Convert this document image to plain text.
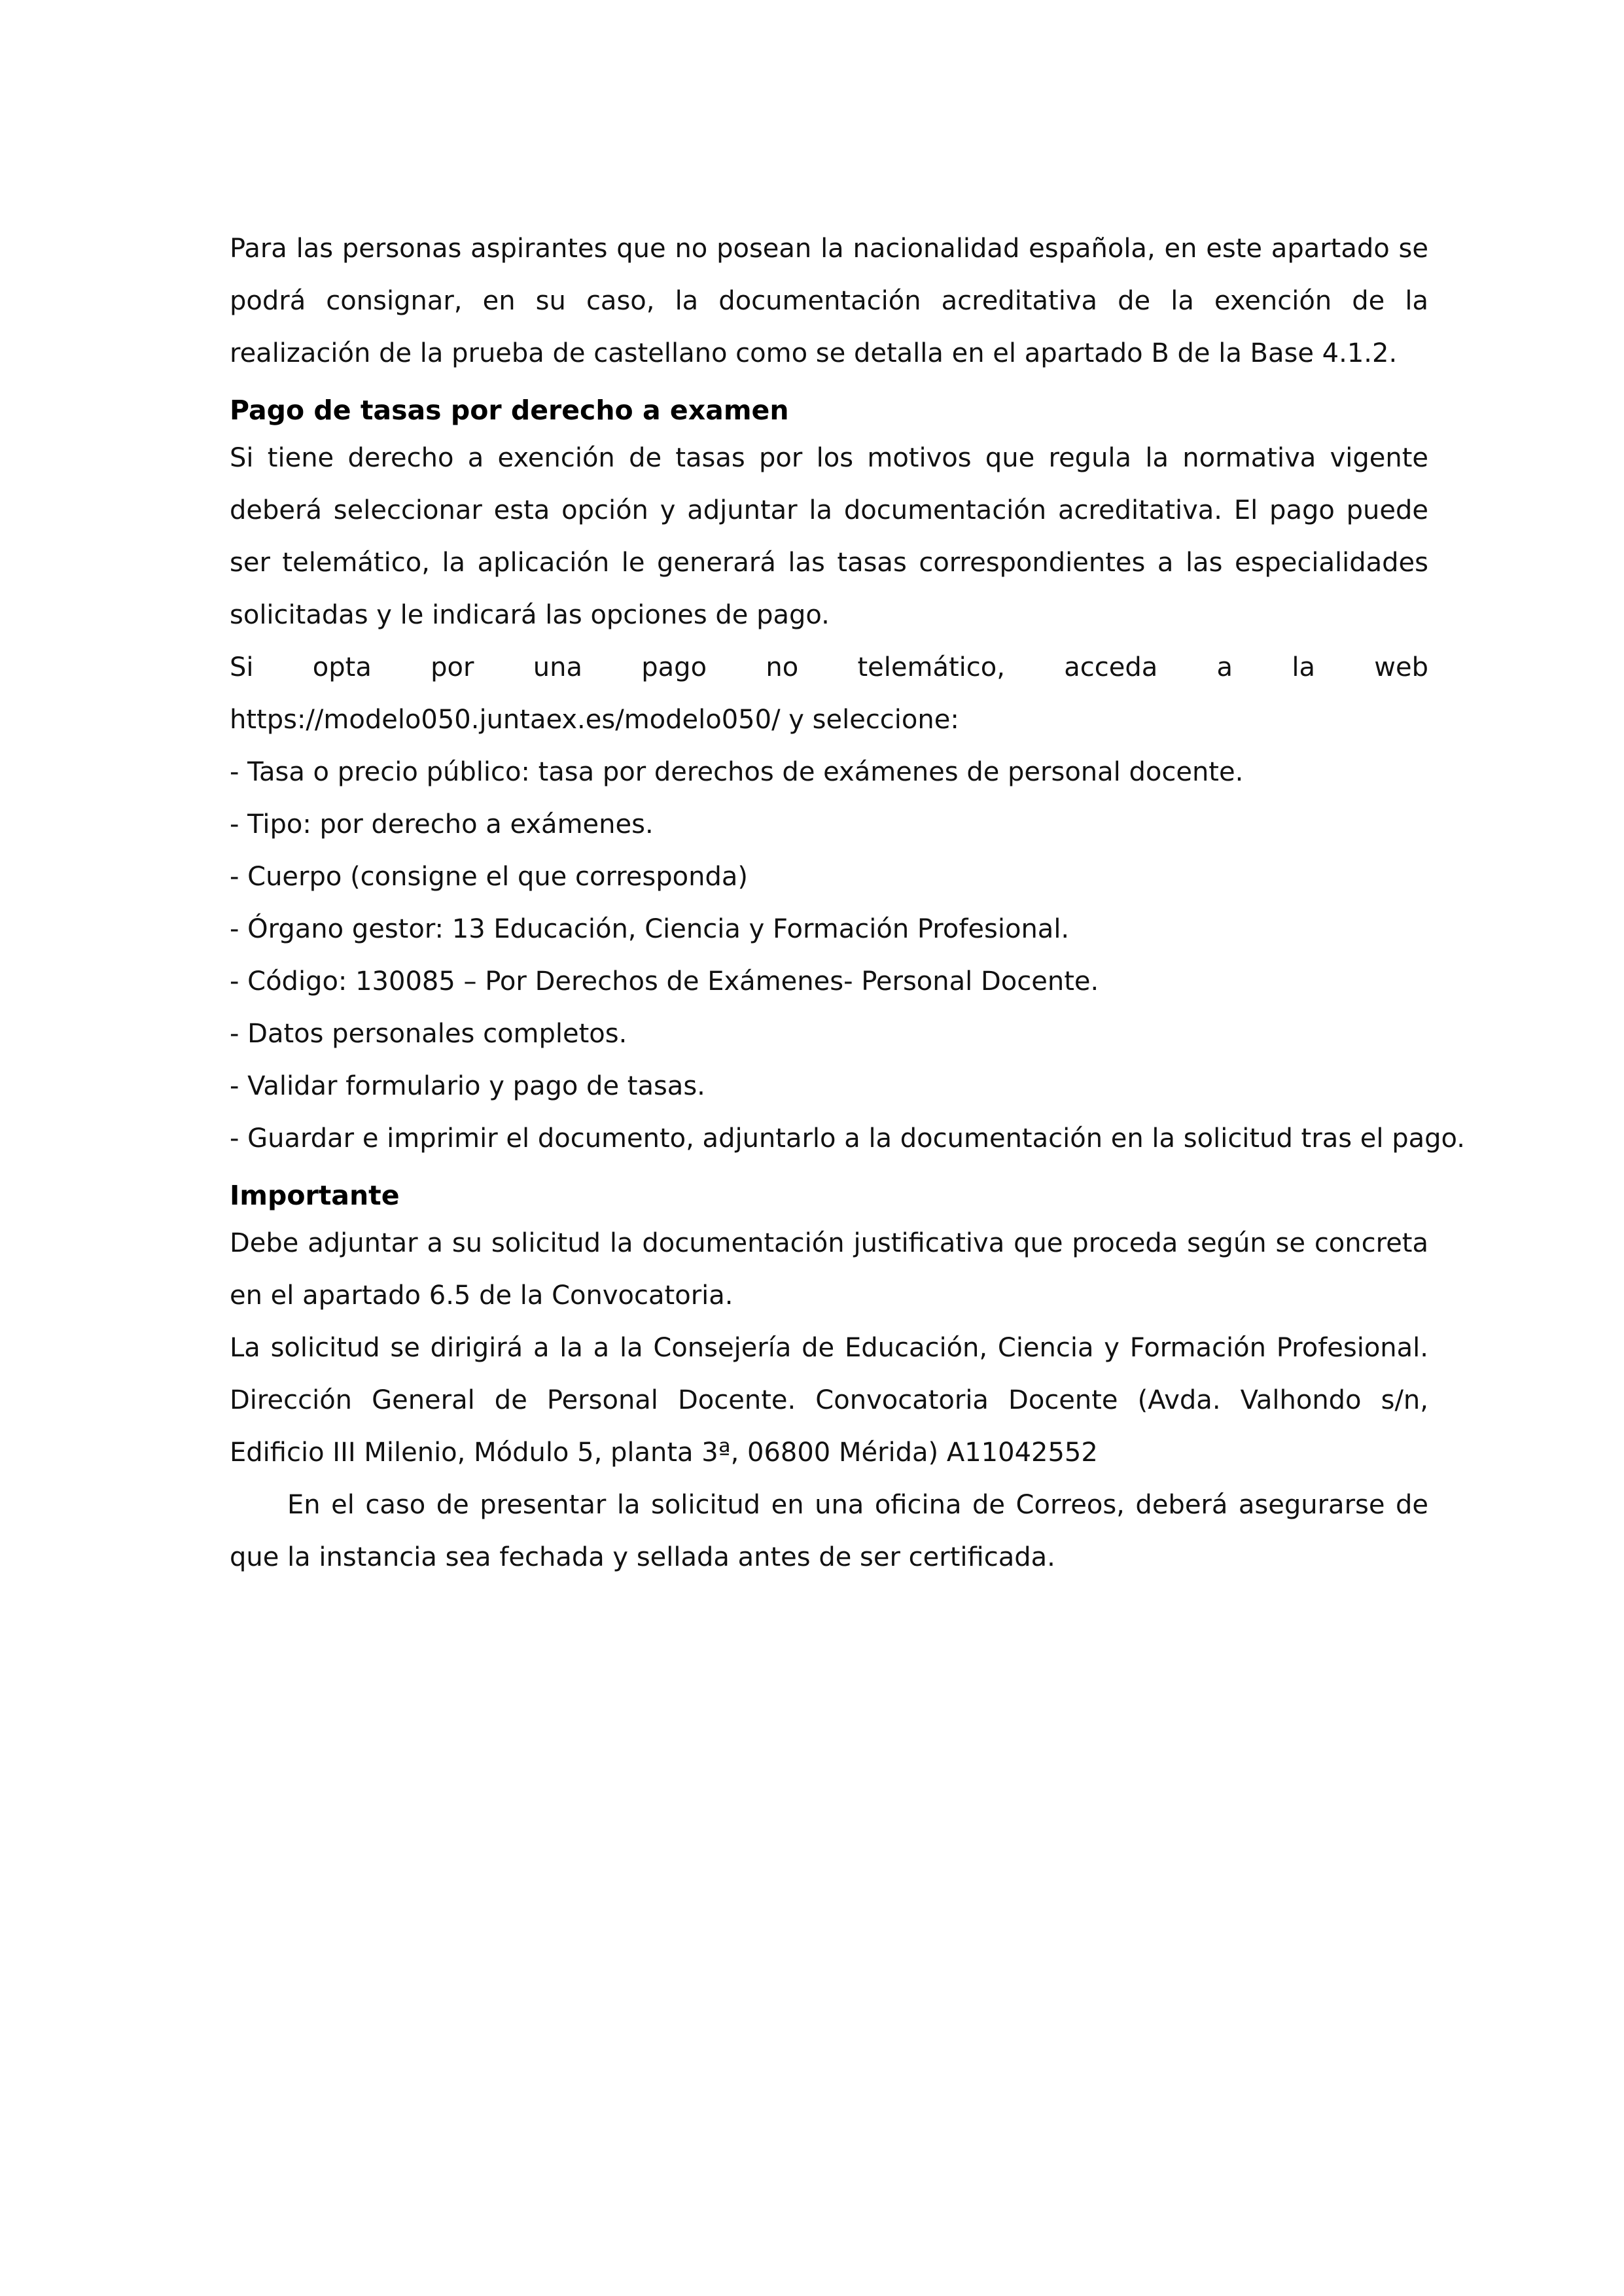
Para las personas aspirantes que no posean la nacionalidad española, en este apartado se podrá consignar, en su caso, la documentación acreditativa de la exención de la realización de la prueba de castellano como se detalla en el apartado B de la Base 4.1.2.

Pago de tasas por derecho a examen

Si tiene derecho a exención de tasas por los motivos que regula la normativa vigente deberá seleccionar esta opción y adjuntar la documentación acreditativa. El pago puede ser telemático, la aplicación le generará las tasas correspondientes a las especialidades solicitadas y le indicará las opciones de pago.

Si opta por una pago no telemático, acceda a la web https://modelo050.juntaex.es/modelo050/ y seleccione:

- Tasa o precio público: tasa por derechos de exámenes de personal docente.
- Tipo: por derecho a exámenes.
- Cuerpo (consigne el que corresponda)
- Órgano gestor: 13 Educación, Ciencia y Formación Profesional.
- Código: 130085 – Por Derechos de Exámenes- Personal Docente.
- Datos personales completos.
- Validar formulario y pago de tasas.
- Guardar e imprimir el documento, adjuntarlo a la documentación en la solicitud tras el pago.
Importante

Debe adjuntar a su solicitud la documentación justificativa que proceda según se concreta en el apartado 6.5 de la Convocatoria.

La solicitud se dirigirá a la a la Consejería de Educación, Ciencia y Formación Profesional. Dirección General de Personal Docente. Convocatoria Docente (Avda. Valhondo s/n, Edificio III Milenio, Módulo 5, planta 3ª, 06800 Mérida) A11042552

En el caso de presentar la solicitud en una oficina de Correos, deberá asegurarse de que la instancia sea fechada y sellada antes de ser certificada.
